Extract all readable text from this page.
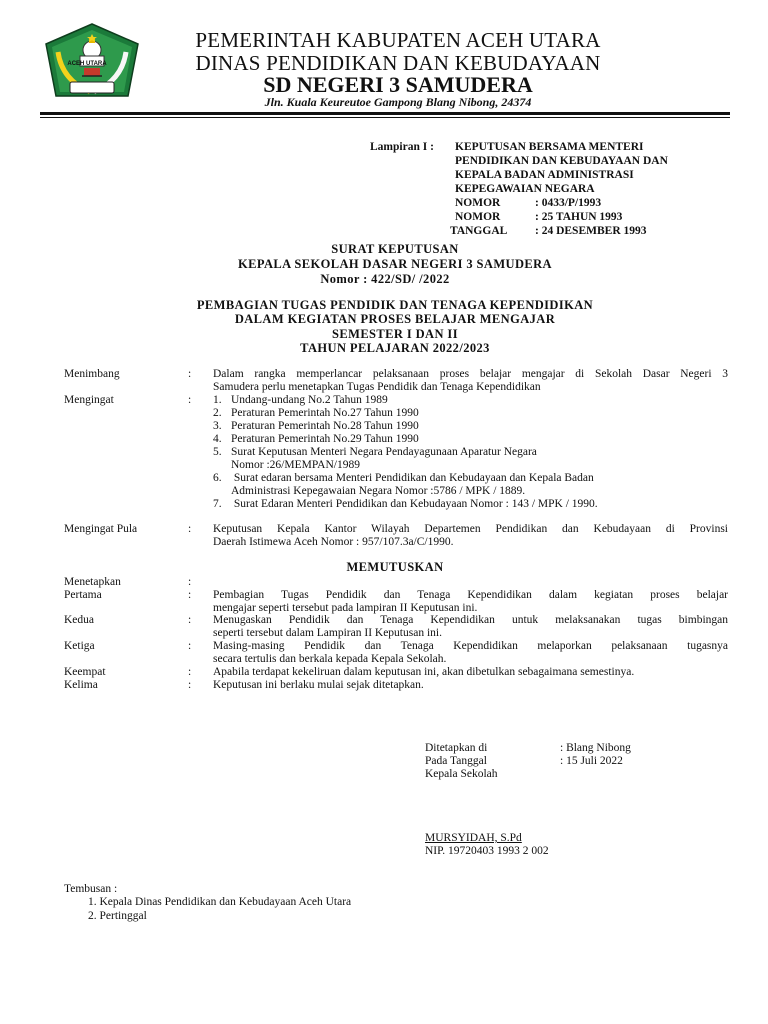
ACEH UTARA
PEMERINTAH KABUPATEN ACEH UTARA
DINAS PENDIDIKAN DAN KEBUDAYAAN
SD NEGERI 3 SAMUDERA
Jln. Kuala Keureutoe Gampong Blang Nibong, 24374
Lampiran I : KEPUTUSAN BERSAMA MENTERI
PENDIDIKAN DAN KEBUDAYAAN DAN
KEPALA BADAN ADMINISTRASI
KEPEGAWAIAN NEGARA
NOMOR	: 0433/P/1993
NOMOR	: 25 TAHUN 1993
TANGGAL : 24 DESEMBER 1993
SURAT KEPUTUSAN
KEPALA SEKOLAH DASAR NEGERI 3 SAMUDERA
Nomor : 422/SD/ /2022
PEMBAGIAN TUGAS PENDIDIK DAN TENAGA KEPENDIDIKAN
DALAM KEGIATAN PROSES BELAJAR MENGAJAR
SEMESTER I DAN II
TAHUN PELAJARAN 2022/2023
Menimbang	: Dalam rangka memperlancar pelaksanaan proses belajar mengajar di Sekolah Dasar Negeri 3
Samudera perlu menetapkan Tugas Pendidik dan Tenaga Kependidikan
Mengingat	: 1. Undang-undang No.2 Tahun 1989
2. Peraturan Pemerintah No.27 Tahun 1990
3. Peraturan Pemerintah No.28 Tahun 1990
4. Peraturan Pemerintah No.29 Tahun 1990
5. Surat Keputusan Menteri Negara Pendayagunaan Aparatur Negara
Nomor :26/MEMPAN/1989
6. Surat edaran bersama Menteri Pendidikan dan Kebudayaan dan Kepala Badan
Administrasi Kepegawaian Negara Nomor :5786 / MPK / 1889.
7. Surat Edaran Menteri Pendidikan dan Kebudayaan Nomor : 143 / MPK / 1990.
Mengingat Pula	: Keputusan Kepala Kantor Wilayah Departemen Pendidikan dan Kebudayaan di Provinsi
Daerah Istimewa Aceh Nomor : 957/107.3a/C/1990.
MEMUTUSKAN
Menetapkan	:
Pertama	: Pembagian Tugas Pendidik dan Tenaga Kependidikan dalam kegiatan proses belajar
mengajar seperti tersebut pada lampiran II Keputusan ini.
Kedua	: Menugaskan Pendidik dan Tenaga Kependidikan untuk melaksanakan tugas bimbingan
seperti tersebut dalam Lampiran II Keputusan ini.
Ketiga	: Masing-masing Pendidik dan Tenaga Kependidikan melaporkan pelaksanaan tugasnya
secara tertulis dan berkala kepada Kepala Sekolah.
Keempat	: Apabila terdapat kekeliruan dalam keputusan ini, akan dibetulkan sebagaimana semestinya.
Kelima	: Keputusan ini berlaku mulai sejak ditetapkan.
Ditetapkan di	: Blang Nibong
Pada Tanggal	: 15 Juli 2022
Kepala Sekolah
MURSYIDAH, S.Pd
NIP. 19720403 1993 2 002
Tembusan :
1. Kepala Dinas Pendidikan dan Kebudayaan Aceh Utara
2. Pertinggal
